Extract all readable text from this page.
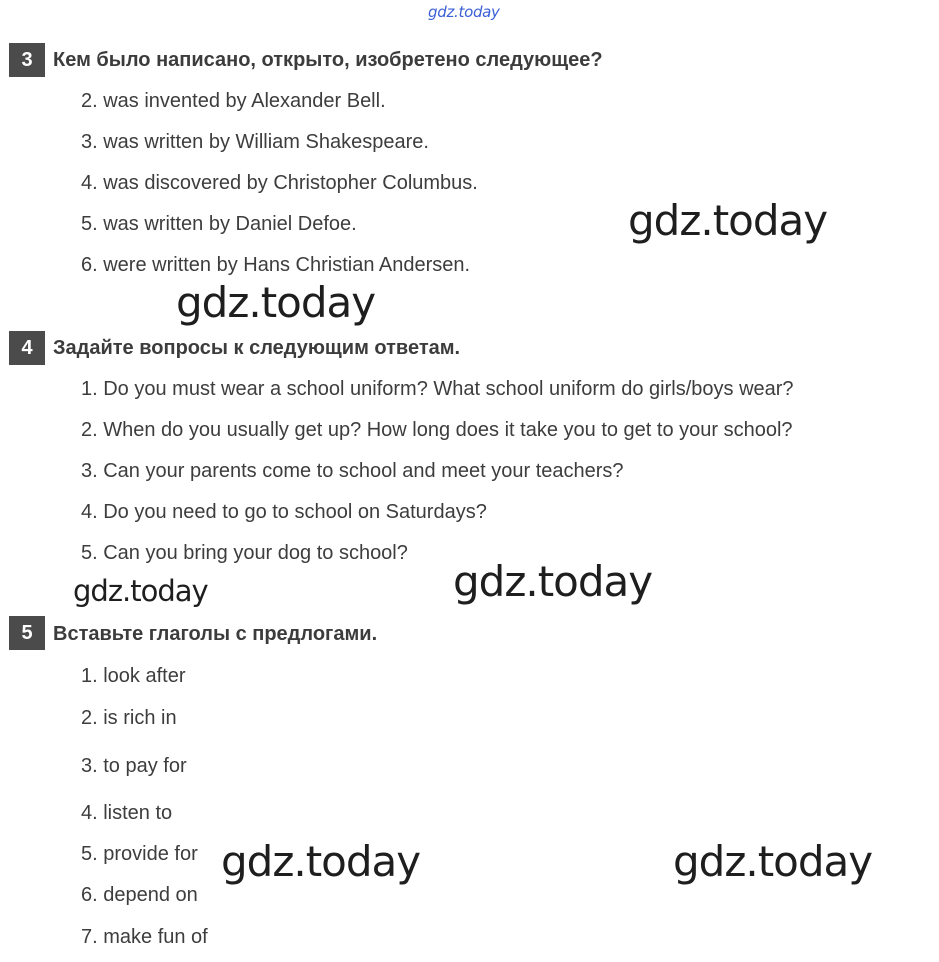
gdz.today
3	Кем было написано, открыто, изобретено следующее?
2. was invented by Alexander Bell.
3. was written by William Shakespeare.
4. was discovered by Christopher Columbus.
5. was written by Daniel Defoe.
6. were written by Hans Christian Andersen.
4	Задайте вопросы к следующим ответам.
1. Do you must wear a school uniform? What school uniform do girls/boys wear?
2. When do you usually get up? How long does it take you to get to your school?
3. Can your parents come to school and meet your teachers?
4. Do you need to go to school on Saturdays?
5. Can you bring your dog to school?
5	Вставьте глаголы с предлогами.
1. look after
2. is rich in
3. to pay for
4. listen to
5. provide for
6. depend on
7. make fun of
gdz.today
gdz.today
gdz.today
gdz.today
gdz.today	gdz.today
